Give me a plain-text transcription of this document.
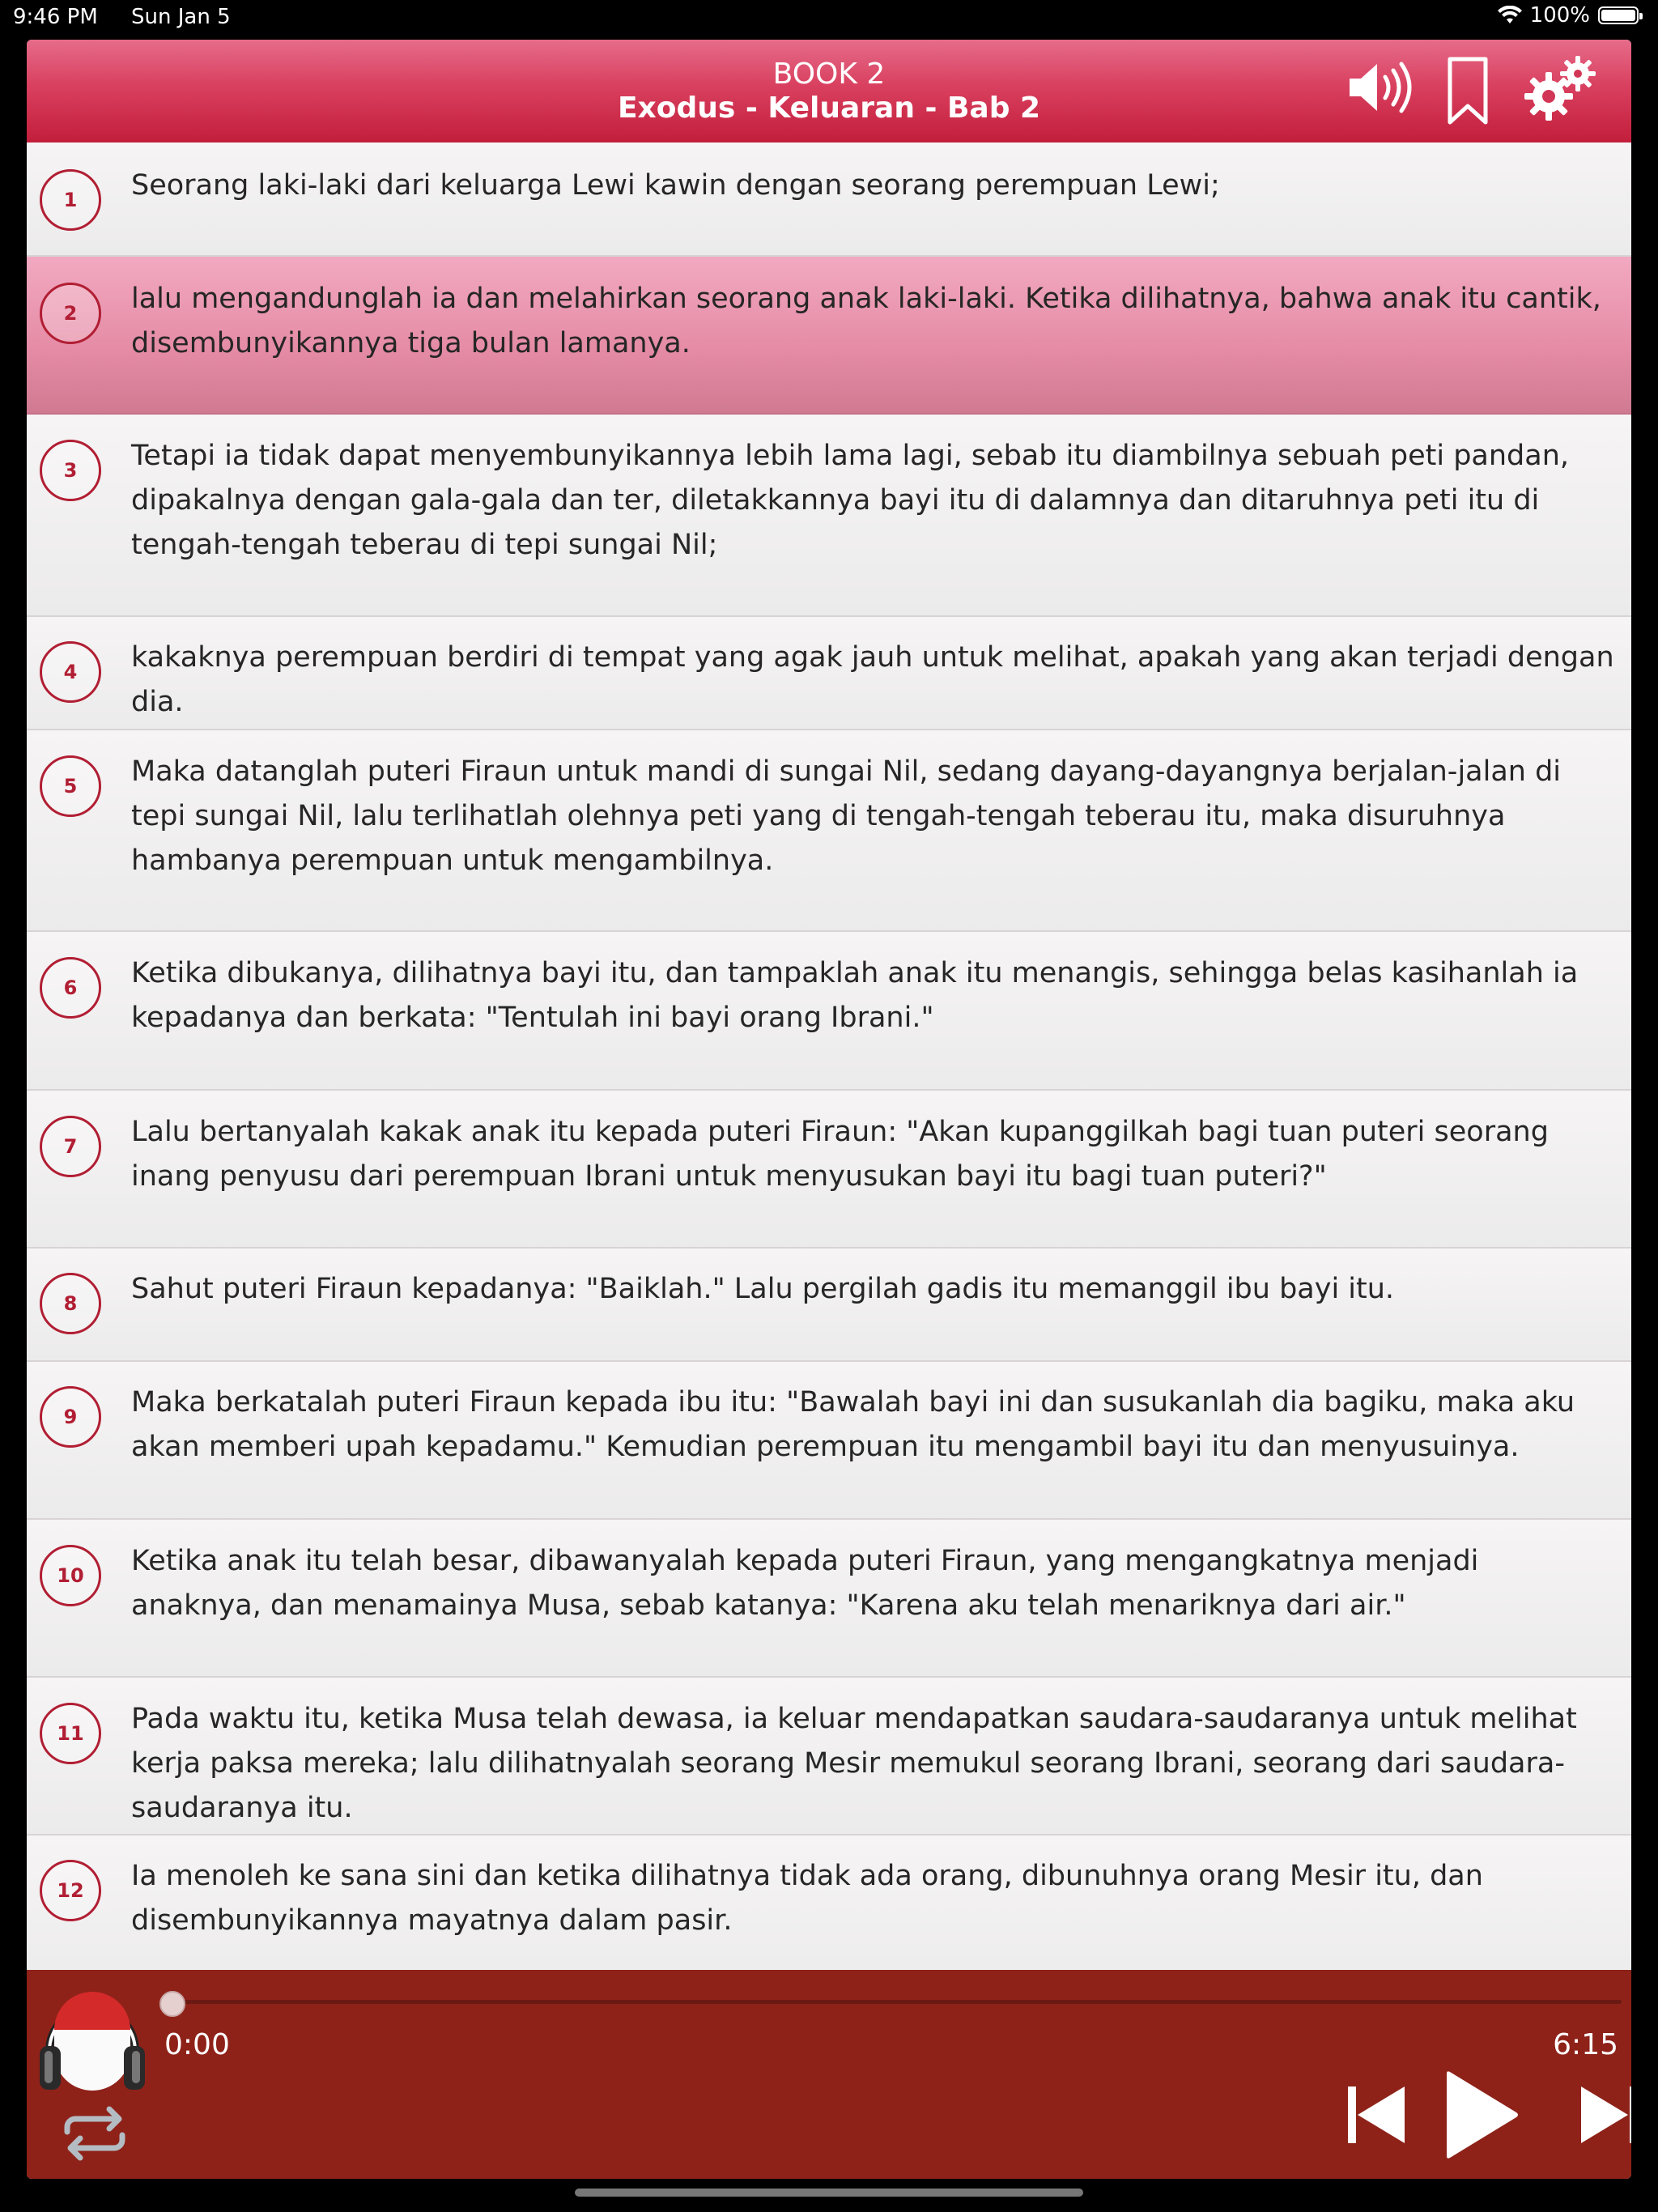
9:46 PM Sun Jan 5	100%
BOOK 2
Exodus - Keluaran - Bab 2
1	Seorang laki-laki dari keluarga Lewi kawin dengan seorang perempuan Lewi;
2	lalu mengandunglah ia dan melahirkan seorang anak laki-laki. Ketika dilihatnya, bahwa anak itu cantik, disembunyikannya tiga bulan lamanya.
3	Tetapi ia tidak dapat menyembunyikannya lebih lama lagi, sebab itu diambilnya sebuah peti pandan, dipakalnya dengan gala-gala dan ter, diletakkannya bayi itu di dalamnya dan ditaruhnya peti itu di tengah-tengah teberau di tepi sungai Nil;
4	kakaknya perempuan berdiri di tempat yang agak jauh untuk melihat, apakah yang akan terjadi dengan dia.
5	Maka datanglah puteri Firaun untuk mandi di sungai Nil, sedang dayang-dayangnya berjalan-jalan di tepi sungai Nil, lalu terlihatlah olehnya peti yang di tengah-tengah teberau itu, maka disuruhnya hambanya perempuan untuk mengambilnya.
6	Ketika dibukanya, dilihatnya bayi itu, dan tampaklah anak itu menangis, sehingga belas kasihanlah ia kepadanya dan berkata: "Tentulah ini bayi orang Ibrani."
7	Lalu bertanyalah kakak anak itu kepada puteri Firaun: "Akan kupanggilkah bagi tuan puteri seorang inang penyusu dari perempuan Ibrani untuk menyusukan bayi itu bagi tuan puteri?"
8	Sahut puteri Firaun kepadanya: "Baiklah." Lalu pergilah gadis itu memanggil ibu bayi itu.
9	Maka berkatalah puteri Firaun kepada ibu itu: "Bawalah bayi ini dan susukanlah dia bagiku, maka aku akan memberi upah kepadamu." Kemudian perempuan itu mengambil bayi itu dan menyusuinya.
10	Ketika anak itu telah besar, dibawanyalah kepada puteri Firaun, yang mengangkatnya menjadi anaknya, dan menamainya Musa, sebab katanya: "Karena aku telah menariknya dari air."
11	Pada waktu itu, ketika Musa telah dewasa, ia keluar mendapatkan saudara-saudaranya untuk melihat kerja paksa mereka; lalu dilihatnyalah seorang Mesir memukul seorang Ibrani, seorang dari saudara-saudaranya itu.
12	Ia menoleh ke sana sini dan ketika dilihatnya tidak ada orang, dibunuhnya orang Mesir itu, dan disembunyikannya mayatnya dalam pasir.
0:00	6:15
